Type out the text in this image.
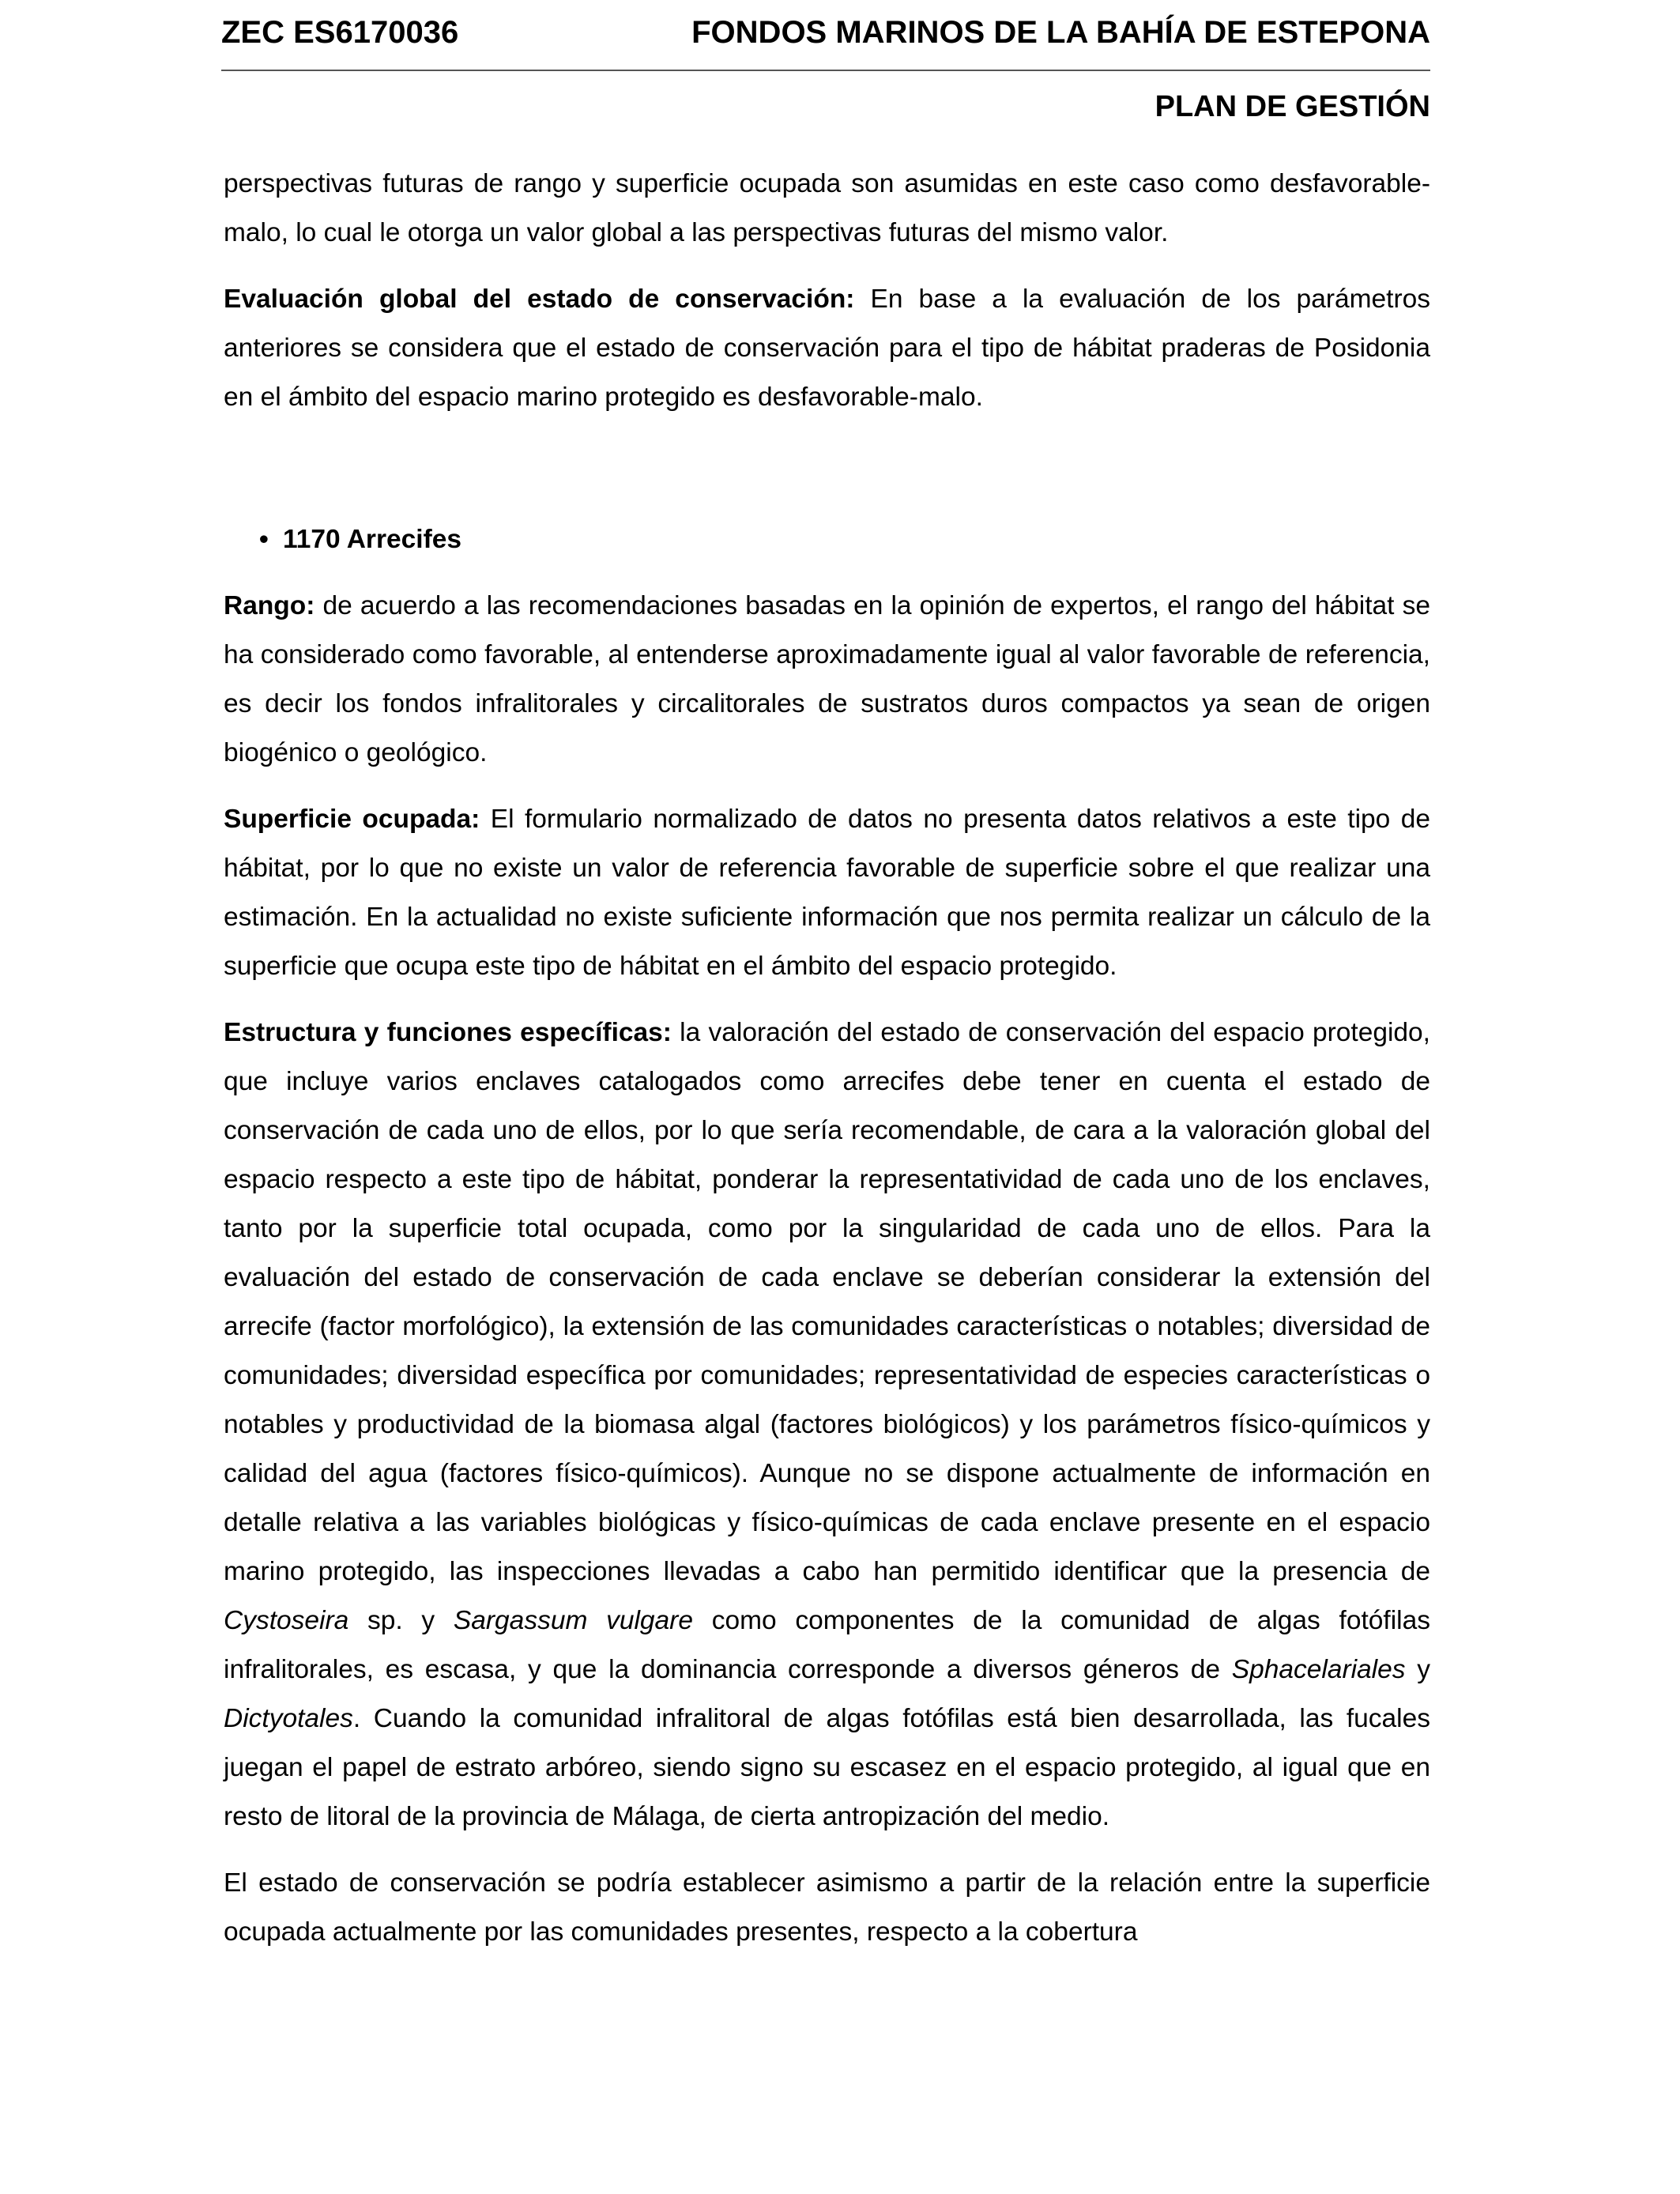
ZEC ES6170036	FONDOS MARINOS DE LA BAHÍA DE ESTEPONA
PLAN DE GESTIÓN

perspectivas futuras de rango y superficie ocupada son asumidas en este caso como desfavorable-malo, lo cual le otorga un valor global a las perspectivas futuras del mismo valor.

Evaluación global del estado de conservación: En base a la evaluación de los parámetros anteriores se considera que el estado de conservación para el tipo de hábitat praderas de Posidonia en el ámbito del espacio marino protegido es desfavorable-malo.

• 1170 Arrecifes

Rango: de acuerdo a las recomendaciones basadas en la opinión de expertos, el rango del hábitat se ha considerado como favorable, al entenderse aproximadamente igual al valor favorable de referencia, es decir los fondos infralitorales y circalitorales de sustratos duros compactos ya sean de origen biogénico o geológico.

Superficie ocupada: El formulario normalizado de datos no presenta datos relativos a este tipo de hábitat, por lo que no existe un valor de referencia favorable de superficie sobre el que realizar una estimación. En la actualidad no existe suficiente información que nos permita realizar un cálculo de la superficie que ocupa este tipo de hábitat en el ámbito del espacio protegido.

Estructura y funciones específicas: la valoración del estado de conservación del espacio protegido, que incluye varios enclaves catalogados como arrecifes debe tener en cuenta el estado de conservación de cada uno de ellos, por lo que sería recomendable, de cara a la valoración global del espacio respecto a este tipo de hábitat, ponderar la representatividad de cada uno de los enclaves, tanto por la superficie total ocupada, como por la singularidad de cada uno de ellos. Para la evaluación del estado de conservación de cada enclave se deberían considerar la extensión del arrecife (factor morfológico), la extensión de las comunidades características o notables; diversidad de comunidades; diversidad específica por comunidades; representatividad de especies características o notables y productividad de la biomasa algal (factores biológicos) y los parámetros físico-químicos y calidad del agua (factores físico-químicos). Aunque no se dispone actualmente de información en detalle relativa a las variables biológicas y físico-químicas de cada enclave presente en el espacio marino protegido, las inspecciones llevadas a cabo han permitido identificar que la presencia de Cystoseira sp. y Sargassum vulgare como componentes de la comunidad de algas fotófilas infralitorales, es escasa, y que la dominancia corresponde a diversos géneros de Sphacelariales y Dictyotales. Cuando la comunidad infralitoral de algas fotófilas está bien desarrollada, las fucales juegan el papel de estrato arbóreo, siendo signo su escasez en el espacio protegido, al igual que en resto de litoral de la provincia de Málaga, de cierta antropización del medio.

El estado de conservación se podría establecer asimismo a partir de la relación entre la superficie ocupada actualmente por las comunidades presentes, respecto a la cobertura
